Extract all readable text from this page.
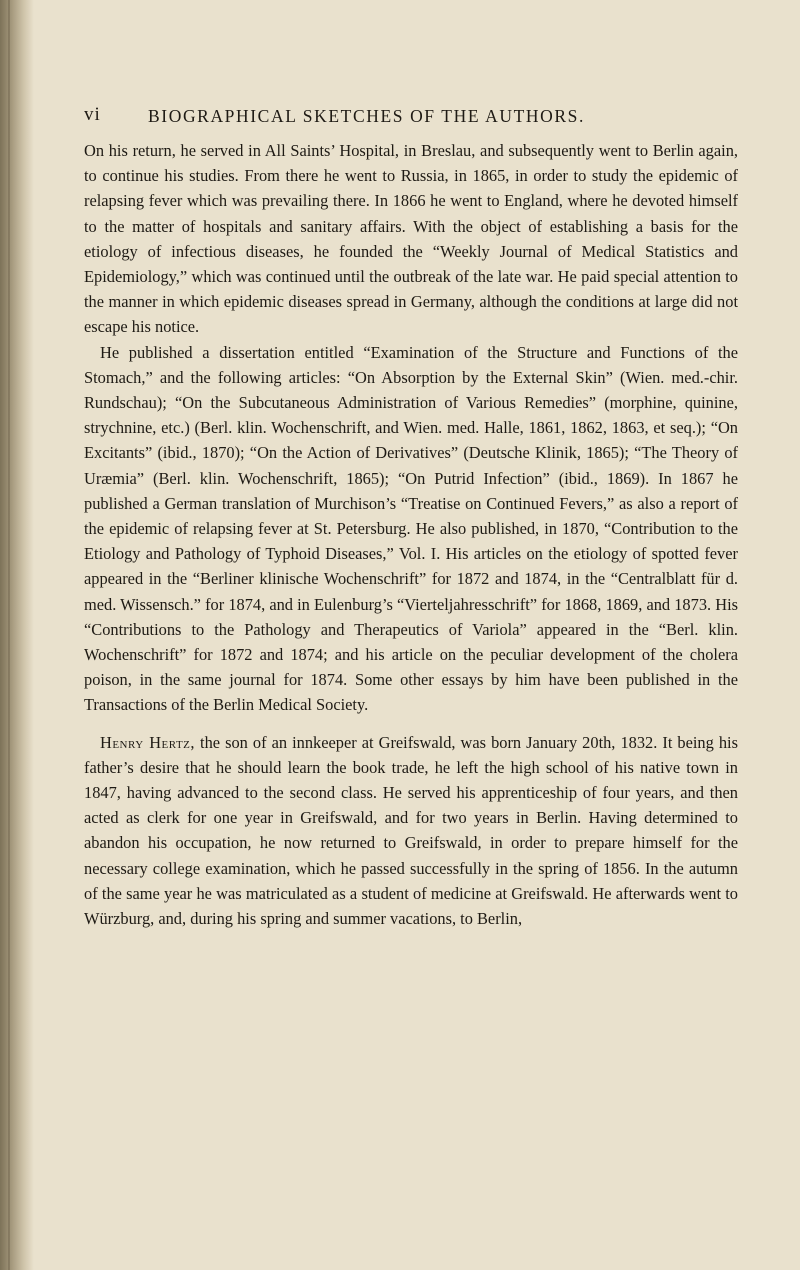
vi	BIOGRAPHICAL SKETCHES OF THE AUTHORS.

On his return, he served in All Saints’ Hospital, in Breslau, and subsequently went to Berlin again, to continue his studies. From there he went to Russia, in 1865, in order to study the epidemic of relapsing fever which was prevailing there. In 1866 he went to England, where he devoted himself to the matter of hospitals and sanitary affairs. With the object of establishing a basis for the etiology of infectious diseases, he founded the “Weekly Journal of Medical Statistics and Epidemiology,” which was continued until the outbreak of the late war. He paid special attention to the manner in which epidemic diseases spread in Germany, although the conditions at large did not escape his notice.

He published a dissertation entitled “Examination of the Structure and Functions of the Stomach,” and the following articles: “On Absorption by the External Skin” (Wien. med.-chir. Rundschau); “On the Subcutaneous Administration of Various Remedies” (morphine, quinine, strychnine, etc.) (Berl. klin. Wochenschrift, and Wien. med. Halle, 1861, 1862, 1863, et seq.); “On Excitants” (ibid., 1870); “On the Action of Derivatives” (Deutsche Klinik, 1865); “The Theory of Uræmia” (Berl. klin. Wochenschrift, 1865); “On Putrid Infection” (ibid., 1869). In 1867 he published a German translation of Murchison’s “Treatise on Continued Fevers,” as also a report of the epidemic of relapsing fever at St. Petersburg. He also published, in 1870, “Contribution to the Etiology and Pathology of Typhoid Diseases,” Vol. I. His articles on the etiology of spotted fever appeared in the “Berliner klinische Wochenschrift” for 1872 and 1874, in the “Centralblatt für d. med. Wissensch.” for 1874, and in Eulenburg’s “Vierteljahresschrift” for 1868, 1869, and 1873. His “Contributions to the Pathology and Therapeutics of Variola” appeared in the “Berl. klin. Wochenschrift” for 1872 and 1874; and his article on the peculiar development of the cholera poison, in the same journal for 1874. Some other essays by him have been published in the Transactions of the Berlin Medical Society.

Henry Hertz, the son of an innkeeper at Greifswald, was born January 20th, 1832. It being his father’s desire that he should learn the book trade, he left the high school of his native town in 1847, having advanced to the second class. He served his apprenticeship of four years, and then acted as clerk for one year in Greifswald, and for two years in Berlin. Having determined to abandon his occupation, he now returned to Greifswald, in order to prepare himself for the necessary college examination, which he passed successfully in the spring of 1856. In the autumn of the same year he was matriculated as a student of medicine at Greifswald. He afterwards went to Würzburg, and, during his spring and summer vacations, to Berlin,
